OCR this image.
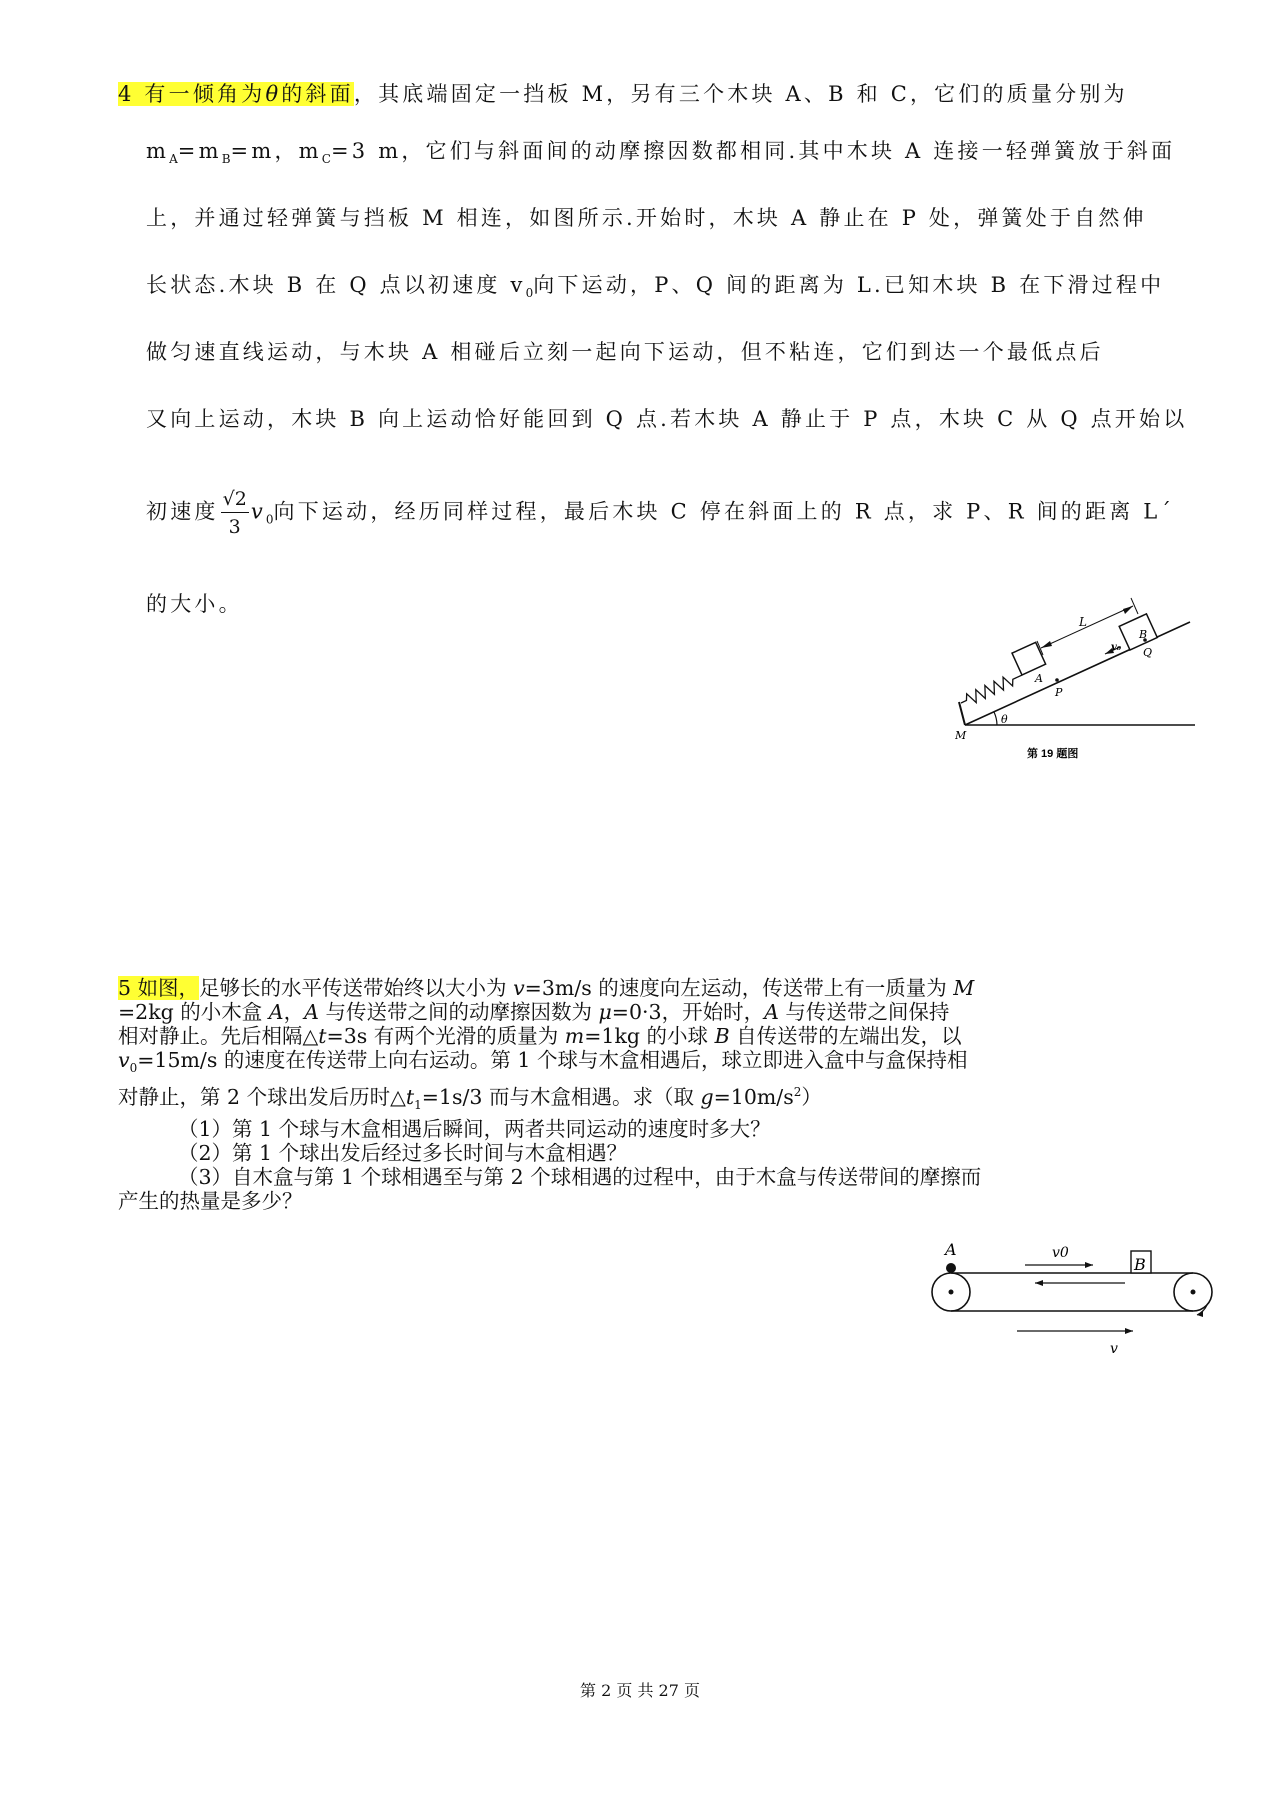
4 有一倾角为θ的斜面，其底端固定一挡板 M，另有三个木块 A、B 和 C，它们的质量分别为
$m_A=m_B=m$，$m_C=3$ m，它们与斜面间的动摩擦因数都相同.其中木块 A 连接一轻弹簧放于斜面
上，并通过轻弹簧与挡板 M 相连，如图所示.开始时，木块 A 静止在 P 处，弹簧处于自然伸
长状态.木块 B 在 Q 点以初速度 $v_0$向下运动，P、Q 间的距离为 L.已知木块 B 在下滑过程中
做匀速直线运动，与木块 A 相碰后立刻一起向下运动，但不粘连，它们到达一个最低点后
又向上运动，木块 B 向上运动恰好能回到 Q 点.若木块 A 静止于 P 点，木块 C 从 Q 点开始以
初速度 $\frac{√2}{3} v_0$向下运动，经历同样过程，最后木块 C 停在斜面上的 R 点，求 P、R 间的距离 L´
的大小。
L
B
v₀ Q
A
P
M
θ
第 19 题图

5 如图，足够长的水平传送带始终以大小为 v=3m/s 的速度向左运动，传送带上有一质量为 M

=2kg 的小木盒 A，A 与传送带之间的动摩擦因数为 μ=0·3，开始时，A 与传送带之间保持

相对静止。先后相隔△t=3s 有两个光滑的质量为 m=1kg 的小球 B 自传送带的左端出发，以

$v_0=15m/s$ 的速度在传送带上向右运动。第 1 个球与木盒相遇后，球立即进入盒中与盒保持相

对静止，第 2 个球出发后历时$\triangle t_1=1s/3$ 而与木盒相遇。求（取 $g=10m/s^2$）

（1）第 1 个球与木盒相遇后瞬间，两者共同运动的速度时多大？

（2）第 1 个球出发后经过多长时间与木盒相遇？

（3）自木盒与第 1 个球相遇至与第 2 个球相遇的过程中，由于木盒与传送带间的摩擦而

产生的热量是多少？

A	v0
B
v
第 2 页 共 27 页
